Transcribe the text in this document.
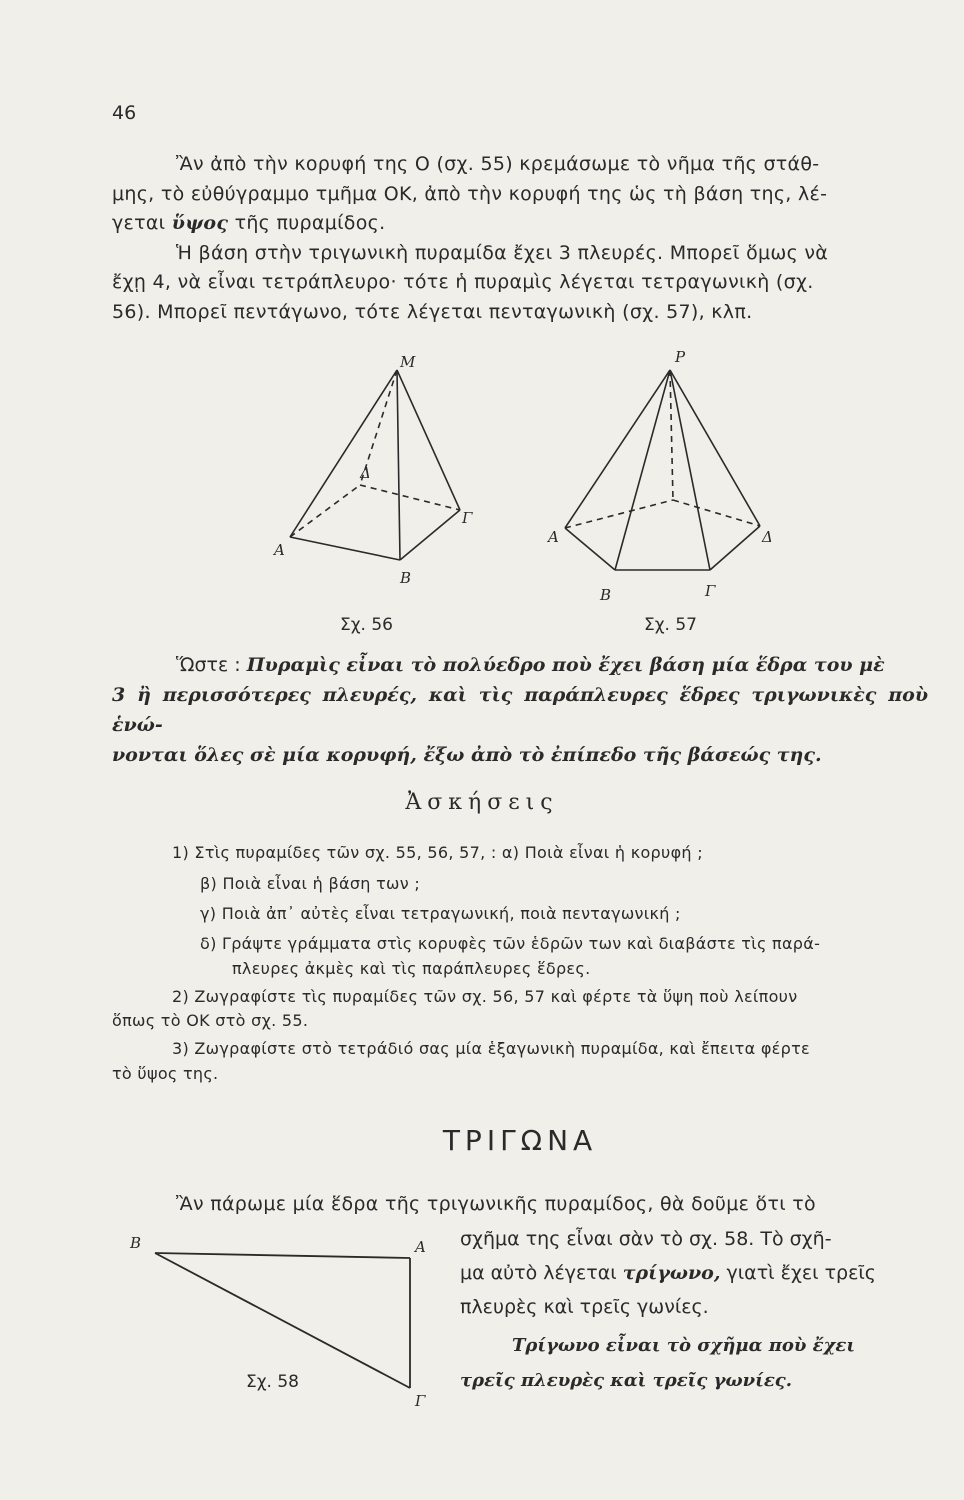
46

Ἂν ἀπὸ τὴν κορυφή της Ο (σχ. 55) κρεμάσωμε τὸ νῆμα τῆς στάθ-

μης, τὸ εὐθύγραμμο τμῆμα ΟΚ, ἀπὸ τὴν κορυφή της ὡς τὴ βάση της, λέ-

γεται ὕψος τῆς πυραμίδος.

Ἡ βάση στὴν τριγωνικὴ πυραμίδα ἔχει 3 πλευρές. Μπορεῖ ὅμως νὰ

ἔχῃ 4, νὰ εἶναι τετράπλευρο· τότε ἡ πυραμὶς λέγεται τετραγωνικὴ (σχ.

56). Μπορεῖ πεντάγωνο, τότε λέγεται πενταγωνικὴ (σχ. 57), κλπ.

Μ
Α
Β
Γ
Δ
Ρ
Α
Β	Γ
Δ
Σχ. 56	Σχ. 57
Ὥστε : Πυραμὶς εἶναι τὸ πολύεδρο ποὺ ἔχει βάση μία ἕδρα του μὲ
3 ἢ περισσότερες πλευρές, καὶ τὶς παράπλευρες ἕδρες τριγωνικὲς ποὺ ἑνώ-
νονται ὅλες σὲ μία κορυφή, ἔξω ἀπὸ τὸ ἐπίπεδο τῆς βάσεώς της.
Ἀσκήσεις
1) Στὶς πυραμίδες τῶν σχ. 55, 56, 57, : α) Ποιὰ εἶναι ἡ κορυφή ;
β) Ποιὰ εἶναι ἡ βάση των ;
γ) Ποιὰ ἀπ᾿ αὐτὲς εἶναι τετραγωνική, ποιὰ πενταγωνική ;
δ) Γράψτε γράμματα στὶς κορυφὲς τῶν ἑδρῶν των καὶ διαβάστε τὶς παρά-
πλευρες ἀκμὲς καὶ τὶς παράπλευρες ἕδρες.
2) Ζωγραφίστε τὶς πυραμίδες τῶν σχ. 56, 57 καὶ φέρτε τὰ ὕψη ποὺ λείπουν
ὅπως τὸ ΟΚ στὸ σχ. 55.
3) Ζωγραφίστε στὸ τετράδιό σας μία ἑξαγωνικὴ πυραμίδα, καὶ ἔπειτα φέρτε
τὸ ὕψος της.
ΤΡΙΓΩΝΑ
Ἂν πάρωμε μία ἕδρα τῆς τριγωνικῆς πυραμίδος, θὰ δοῦμε ὅτι τὸ
σχῆμα της εἶναι σὰν τὸ σχ. 58. Τὸ σχῆ-
μα αὐτὸ λέγεται τρίγωνο, γιατὶ ἔχει τρεῖς
πλευρὲς καὶ τρεῖς γωνίες.
Τρίγωνο εἶναι τὸ σχῆμα ποὺ ἔχει
τρεῖς πλευρὲς καὶ τρεῖς γωνίες.
Β	Α
Γ
Σχ. 58
